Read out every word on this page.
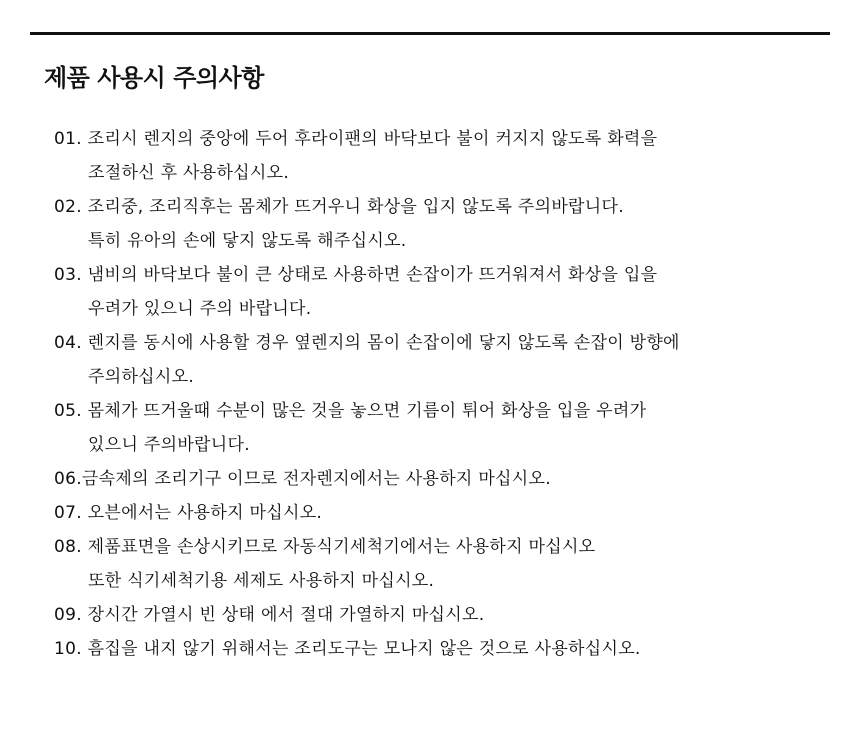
제품 사용시 주의사항
01. 조리시 렌지의 중앙에 두어 후라이팬의 바닥보다 불이 커지지 않도록 화력을
조절하신 후 사용하십시오.
02. 조리중, 조리직후는 몸체가 뜨거우니 화상을 입지 않도록 주의바랍니다.
특히 유아의 손에 닿지 않도록 해주십시오.
03. 냄비의 바닥보다 불이 큰 상태로 사용하면 손잡이가 뜨거워져서 화상을 입을
우려가 있으니 주의 바랍니다.
04. 렌지를 동시에 사용할 경우 옆렌지의 몸이 손잡이에 닿지 않도록 손잡이 방향에
주의하십시오.
05. 몸체가 뜨거울때 수분이 많은 것을 놓으면 기름이 튀어 화상을 입을 우려가
있으니 주의바랍니다.
06.금속제의 조리기구 이므로 전자렌지에서는 사용하지 마십시오.
07. 오븐에서는 사용하지 마십시오.
08. 제품표면을 손상시키므로 자동식기세척기에서는 사용하지 마십시오
또한 식기세척기용 세제도 사용하지 마십시오.
09. 장시간 가열시 빈 상태 에서 절대 가열하지 마십시오.
10. 흠집을 내지 않기 위해서는 조리도구는 모나지 않은 것으로 사용하십시오.
